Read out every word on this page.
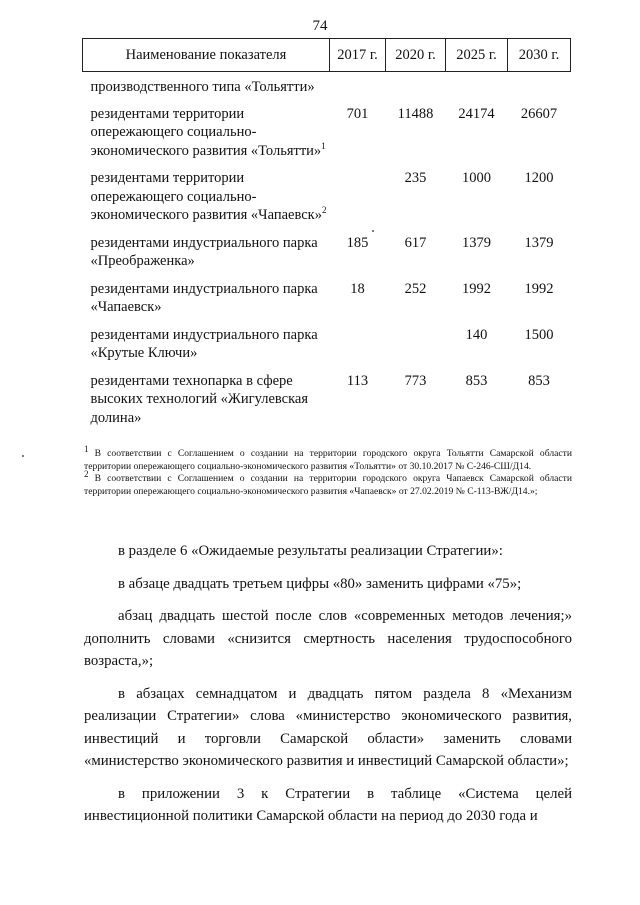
74
Наименование показателя	2017 г.	2020 г.	2025 г.	2030 г.
производственного типа «Тольятти»				
резидентами территории опережающего социально-экономического развития «Тольятти»$^1$	701	11488	24174	26607
резидентами территории опережающего социально-экономического развития «Чапаевск»$^2$		235	1000	1200
резидентами индустриального парка «Преображенка»	185	617	1379	1379
резидентами индустриального парка «Чапаевск»	18	252	1992	1992
резидентами индустриального парка «Крутые Ключи»			140	1500
резидентами технопарка в сфере высоких технологий «Жигулевская долина»	113	773	853	853

$^1$ В соответствии с Соглашением о создании на территории городского округа Тольятти Самарской области территории опережающего социально-экономического развития «Тольятти» от 30.10.2017 № С-246-СШ/Д14.

$^2$ В соответствии с Соглашением о создании на территории городского округа Чапаевск Самарской области территории опережающего социально-экономического развития «Чапаевск» от 27.02.2019 № С-113-ВЖ/Д14.»;

в разделе 6 «Ожидаемые результаты реализации Стратегии»:

в абзаце двадцать третьем цифры «80» заменить цифрами «75»;

абзац двадцать шестой после слов «современных методов лечения;» дополнить словами «снизится смертность населения трудоспособного возраста,»;

в абзацах семнадцатом и двадцать пятом раздела 8 «Механизм реализации Стратегии» слова «министерство экономического развития, инвестиций и торговли Самарской области» заменить словами «министерство экономического развития и инвестиций Самарской области»;

в приложении 3 к Стратегии в таблице «Система целей инвестиционной политики Самарской области на период до 2030 года и
